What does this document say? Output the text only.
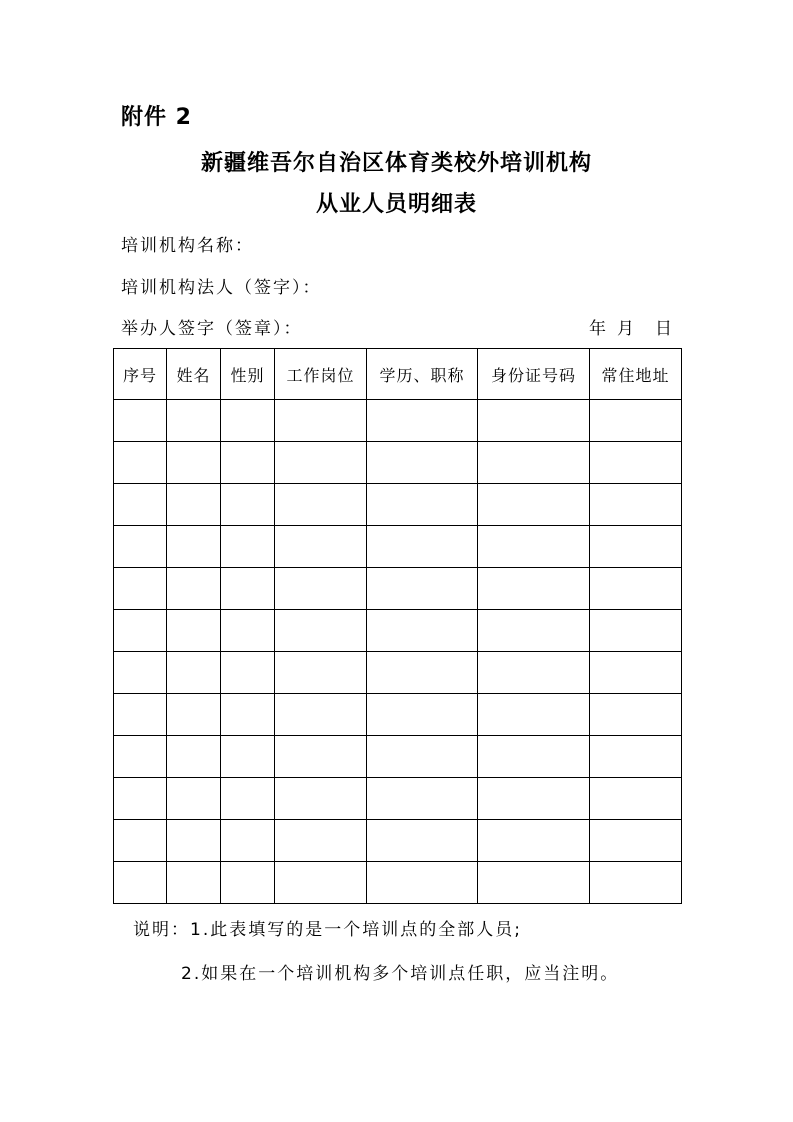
附件 2
新疆维吾尔自治区体育类校外培训机构
从业人员明细表
培训机构名称：
培训机构法人（签字）：
举办人签字（签章）：	年 月	日
序号	姓名	性别	工作岗位	学历、职称	身份证号码	常住地址

说明：1.此表填写的是一个培训点的全部人员;
2.如果在一个培训机构多个培训点任职，应当注明。
